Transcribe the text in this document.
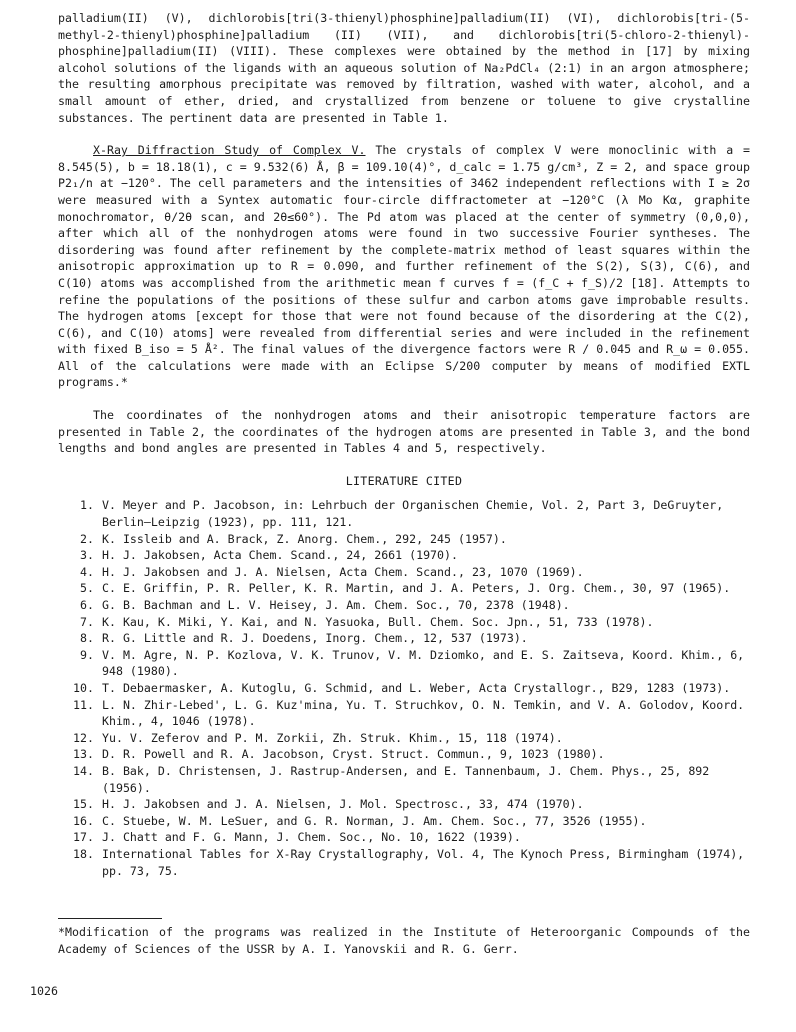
palladium(II) (V), dichlorobis[tri(3-thienyl)phosphine]palladium(II) (VI), dichlorobis[tri-(5-methyl-2-thienyl)phosphine]palladium (II) (VII), and dichlorobis[tri(5-chloro-2-thienyl)-phosphine]palladium(II) (VIII). These complexes were obtained by the method in [17] by mixing alcohol solutions of the ligands with an aqueous solution of Na₂PdCl₄ (2:1) in an argon atmosphere; the resulting amorphous precipitate was removed by filtration, washed with water, alcohol, and a small amount of ether, dried, and crystallized from benzene or toluene to give crystalline substances. The pertinent data are presented in Table 1.

X-Ray Diffraction Study of Complex V. The crystals of complex V were monoclinic with a = 8.545(5), b = 18.18(1), c = 9.532(6) Å, β = 109.10(4)°, d_calc = 1.75 g/cm³, Z = 2, and space group P2₁/n at −120°. The cell parameters and the intensities of 3462 independent reflections with I ≥ 2σ were measured with a Syntex automatic four-circle diffractometer at −120°C (λ Mo Kα, graphite monochromator, θ/2θ scan, and 2θ≤60°). The Pd atom was placed at the center of symmetry (0,0,0), after which all of the nonhydrogen atoms were found in two successive Fourier syntheses. The disordering was found after refinement by the complete-matrix method of least squares within the anisotropic approximation up to R = 0.090, and further refinement of the S(2), S(3), C(6), and C(10) atoms was accomplished from the arithmetic mean f curves f = (f_C + f_S)/2 [18]. Attempts to refine the populations of the positions of these sulfur and carbon atoms gave improbable results. The hydrogen atoms [except for those that were not found because of the disordering at the C(2), C(6), and C(10) atoms] were revealed from differential series and were included in the refinement with fixed B_iso = 5 Å². The final values of the divergence factors were R / 0.045 and R_ω = 0.055. All of the calculations were made with an Eclipse S/200 computer by means of modified EXTL programs.*

The coordinates of the nonhydrogen atoms and their anisotropic temperature factors are presented in Table 2, the coordinates of the hydrogen atoms are presented in Table 3, and the bond lengths and bond angles are presented in Tables 4 and 5, respectively.

LITERATURE CITED
1. V. Meyer and P. Jacobson, in: Lehrbuch der Organischen Chemie, Vol. 2, Part 3, DeGruyter, Berlin–Leipzig (1923), pp. 111, 121.
2. K. Issleib and A. Brack, Z. Anorg. Chem., 292, 245 (1957).
3. H. J. Jakobsen, Acta Chem. Scand., 24, 2661 (1970).
4. H. J. Jakobsen and J. A. Nielsen, Acta Chem. Scand., 23, 1070 (1969).
5. C. E. Griffin, P. R. Peller, K. R. Martin, and J. A. Peters, J. Org. Chem., 30, 97 (1965).
6. G. B. Bachman and L. V. Heisey, J. Am. Chem. Soc., 70, 2378 (1948).
7. K. Kau, K. Miki, Y. Kai, and N. Yasuoka, Bull. Chem. Soc. Jpn., 51, 733 (1978).
8. R. G. Little and R. J. Doedens, Inorg. Chem., 12, 537 (1973).
9. V. M. Agre, N. P. Kozlova, V. K. Trunov, V. M. Dziomko, and E. S. Zaitseva, Koord. Khim., 6, 948 (1980).
10. T. Debaermasker, A. Kutoglu, G. Schmid, and L. Weber, Acta Crystallogr., B29, 1283 (1973).
11. L. N. Zhir-Lebed', L. G. Kuz'mina, Yu. T. Struchkov, O. N. Temkin, and V. A. Golodov, Koord. Khim., 4, 1046 (1978).
12. Yu. V. Zeferov and P. M. Zorkii, Zh. Struk. Khim., 15, 118 (1974).
13. D. R. Powell and R. A. Jacobson, Cryst. Struct. Commun., 9, 1023 (1980).
14. B. Bak, D. Christensen, J. Rastrup-Andersen, and E. Tannenbaum, J. Chem. Phys., 25, 892 (1956).
15. H. J. Jakobsen and J. A. Nielsen, J. Mol. Spectrosc., 33, 474 (1970).
16. C. Stuebe, W. M. LeSuer, and G. R. Norman, J. Am. Chem. Soc., 77, 3526 (1955).
17. J. Chatt and F. G. Mann, J. Chem. Soc., No. 10, 1622 (1939).
18. International Tables for X-Ray Crystallography, Vol. 4, The Kynoch Press, Birmingham (1974), pp. 73, 75.
*Modification of the programs was realized in the Institute of Heteroorganic Compounds of the Academy of Sciences of the USSR by A. I. Yanovskii and R. G. Gerr.
1026
